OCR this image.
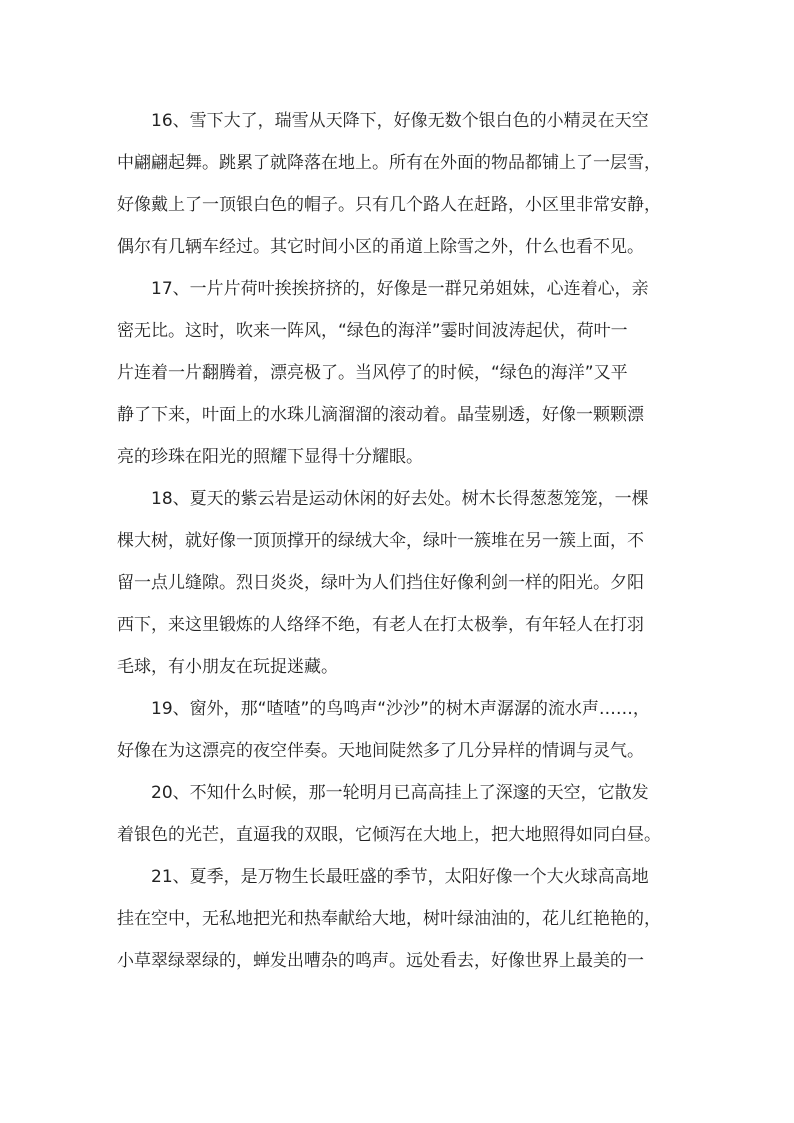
16、雪下大了，瑞雪从天降下，好像无数个银白色的小精灵在天空
中翩翩起舞。跳累了就降落在地上。所有在外面的物品都铺上了一层雪，
好像戴上了一顶银白色的帽子。只有几个路人在赶路，小区里非常安静，
偶尔有几辆车经过。其它时间小区的甬道上除雪之外，什么也看不见。
17、一片片荷叶挨挨挤挤的，好像是一群兄弟姐妹，心连着心，亲
密无比。这时，吹来一阵风，“绿色的海洋”霎时间波涛起伏，荷叶一
片连着一片翻腾着，漂亮极了。当风停了的时候，“绿色的海洋”又平
静了下来，叶面上的水珠儿滴溜溜的滚动着。晶莹剔透，好像一颗颗漂
亮的珍珠在阳光的照耀下显得十分耀眼。
18、夏天的紫云岩是运动休闲的好去处。树木长得葱葱笼笼，一棵
棵大树，就好像一顶顶撑开的绿绒大伞，绿叶一簇堆在另一簇上面，不
留一点儿缝隙。烈日炎炎，绿叶为人们挡住好像利剑一样的阳光。夕阳
西下，来这里锻炼的人络绎不绝，有老人在打太极拳，有年轻人在打羽
毛球，有小朋友在玩捉迷藏。
19、窗外，那“喳喳”的鸟鸣声“沙沙”的树木声潺潺的流水声……，
好像在为这漂亮的夜空伴奏。天地间陡然多了几分异样的情调与灵气。
20、不知什么时候，那一轮明月已高高挂上了深邃的天空，它散发
着银色的光芒，直逼我的双眼，它倾泻在大地上，把大地照得如同白昼。
21、夏季，是万物生长最旺盛的季节，太阳好像一个大火球高高地
挂在空中，无私地把光和热奉献给大地，树叶绿油油的，花儿红艳艳的，
小草翠绿翠绿的，蝉发出嘈杂的鸣声。远处看去，好像世界上最美的一
